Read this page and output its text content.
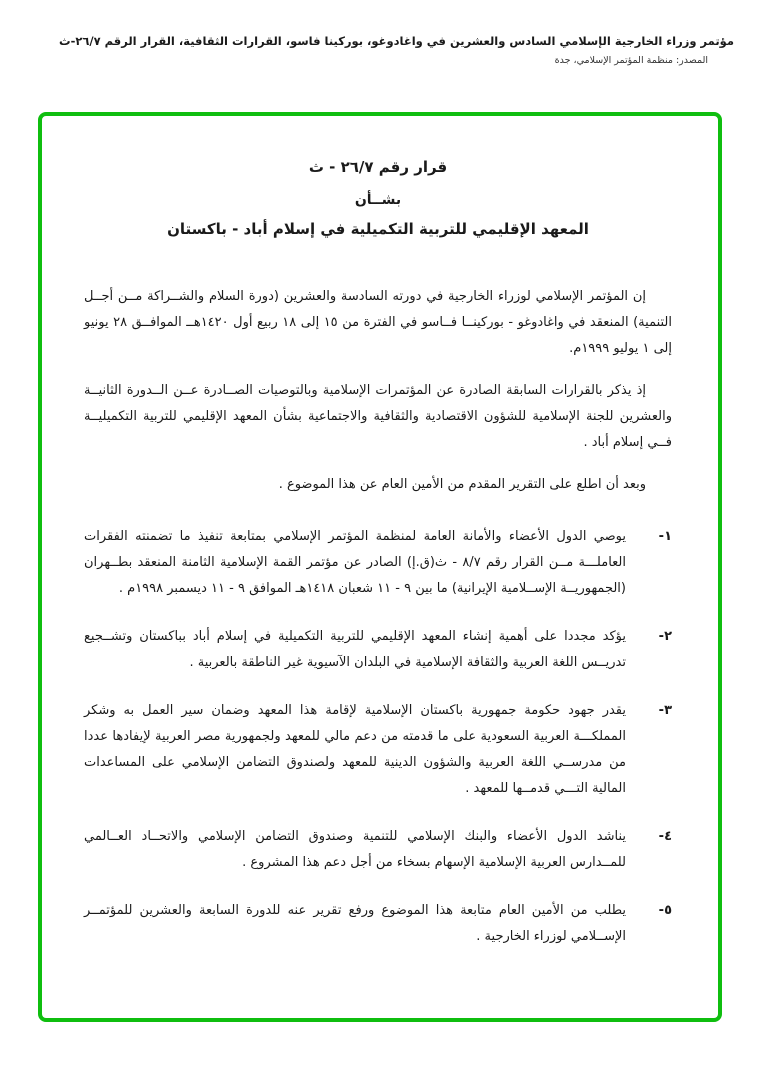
مؤتمر وزراء الخارجية الإسلامي السادس والعشرين في واغادوغو، بوركينا فاسو، القرارات الثقافية، القرار الرقم ٢٦/٧-ث
المصدر: منظمة المؤتمر الإسلامي، جدة
قرار رقم ٢٦/٧ - ث
بشــأن
المعهد الإقليمي للتربية التكميلية في إسلام أباد - باكستان

إن المؤتمر الإسلامي لوزراء الخارجية في دورته السادسة والعشرين (دورة السلام والشــراكة مــن أجــل التنمية) المنعقد في واغادوغو - بوركينــا فــاسو في الفترة من ١٥ إلى ١٨ ربيع أول ١٤٢٠هــ الموافــق ٢٨ يونيو إلى ١ يوليو ١٩٩٩م.

إذ يذكر بالقرارات السابقة الصادرة عن المؤتمرات الإسلامية وبالتوصيات الصــادرة عــن الــدورة الثانيــة والعشرين للجنة الإسلامية للشؤون الاقتصادية والثقافية والاجتماعية بشأن المعهد الإقليمي للتربية التكميليــة فــي إسلام أباد .

وبعد أن اطلع على التقرير المقدم من الأمين العام عن هذا الموضوع .

١-
يوصي الدول الأعضاء والأمانة العامة لمنظمة المؤتمر الإسلامي بمتابعة تنفيذ ما تضمنته الفقرات العاملـــة مــن القرار رقم ٨/٧ - ث(ق.إ) الصادر عن مؤتمر القمة الإسلامية الثامنة المنعقد بطــهران (الجمهوريــة الإســلامية الإيرانية) ما بين ٩ - ١١ شعبان ١٤١٨هـ الموافق ٩ - ١١ ديسمبر ١٩٩٨م .
٢-
يؤكد مجددا على أهمية إنشاء المعهد الإقليمي للتربية التكميلية في إسلام أباد بباكستان وتشــجيع تدريــس اللغة العربية والثقافة الإسلامية في البلدان الآسيوية غير الناطقة بالعربية .
٣-
يقدر جهود حكومة جمهورية باكستان الإسلامية لإقامة هذا المعهد وضمان سير العمل به وشكر المملكـــة العربية السعودية على ما قدمته من دعم مالي للمعهد ولجمهورية مصر العربية لإيفادها عددا من مدرســي اللغة العربية والشؤون الدينية للمعهد ولصندوق التضامن الإسلامي على المساعدات المالية التـــي قدمــها للمعهد .
٤-
يناشد الدول الأعضاء والبنك الإسلامي للتنمية وصندوق التضامن الإسلامي والاتحــاد العــالمي للمــدارس العربية الإسلامية الإسهام بسخاء من أجل دعم هذا المشروع .
٥-
يطلب من الأمين العام متابعة هذا الموضوع ورفع تقرير عنه للدورة السابعة والعشرين للمؤتمــر الإســلامي لوزراء الخارجية .
